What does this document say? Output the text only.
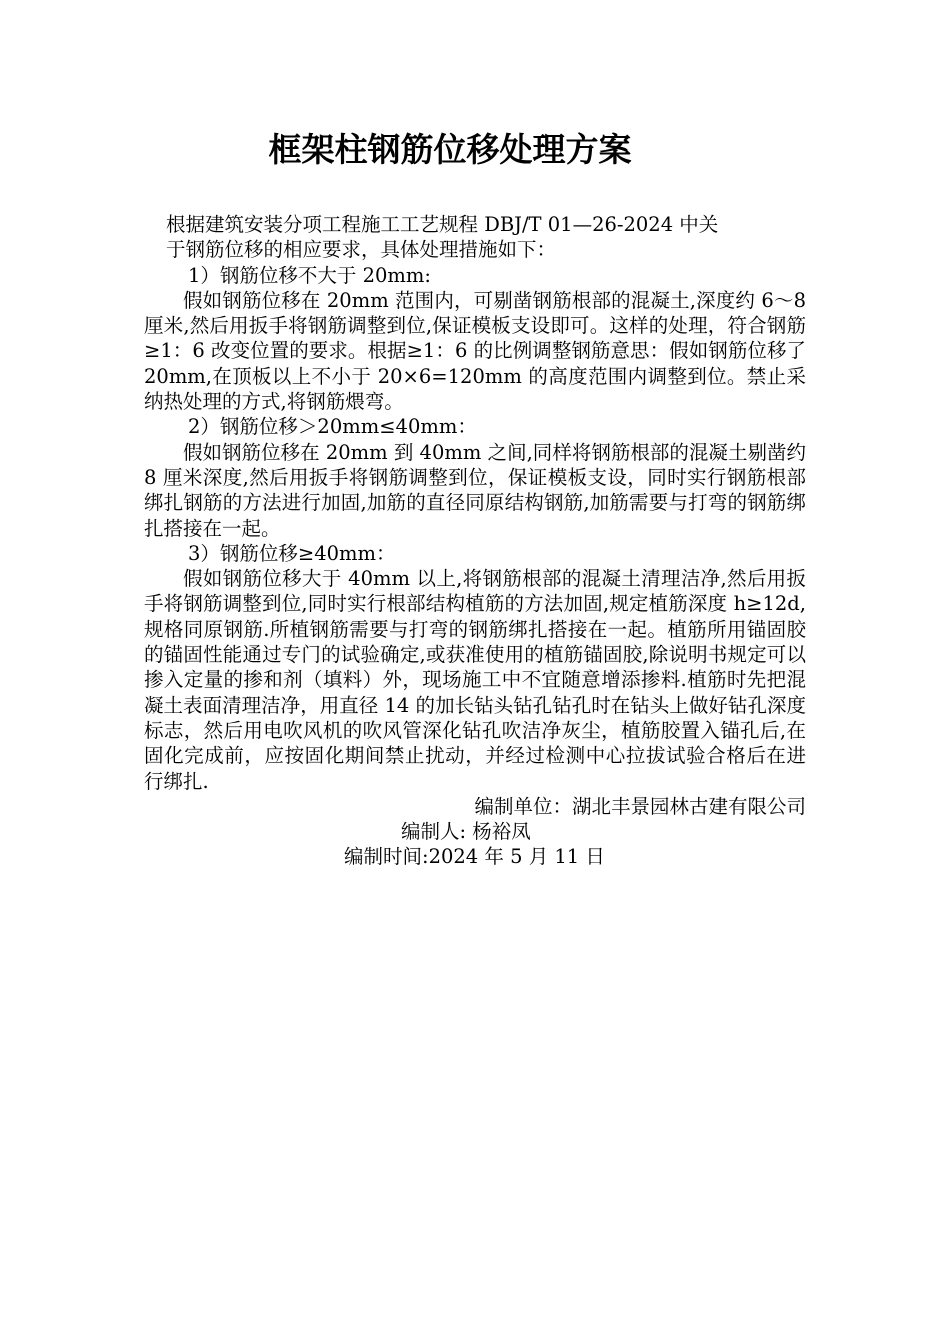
框架柱钢筋位移处理方案

根据建筑安装分项工程施工工艺规程 DBJ/T 01—26-2024 中关

于钢筋位移的相应要求，具体处理措施如下：

1）钢筋位移不大于 20mm:

假如钢筋位移在 20mm 范围内，可剔凿钢筋根部的混凝土,深度约 6～8 厘米,然后用扳手将钢筋调整到位,保证模板支设即可。这样的处理，符合钢筋≥1：6 改变位置的要求。根据≥1：6 的比例调整钢筋意思：假如钢筋位移了 20mm,在顶板以上不小于 20×6=120mm 的高度范围内调整到位。禁止采纳热处理的方式,将钢筋煨弯。

2）钢筋位移＞20mm≤40mm：

假如钢筋位移在 20mm 到 40mm 之间,同样将钢筋根部的混凝土剔凿约 8 厘米深度,然后用扳手将钢筋调整到位，保证模板支设，同时实行钢筋根部绑扎钢筋的方法进行加固,加筋的直径同原结构钢筋,加筋需要与打弯的钢筋绑扎搭接在一起。

3）钢筋位移≥40mm：

假如钢筋位移大于 40mm 以上,将钢筋根部的混凝土清理洁净,然后用扳手将钢筋调整到位,同时实行根部结构植筋的方法加固,规定植筋深度 h≥12d,规格同原钢筋.所植钢筋需要与打弯的钢筋绑扎搭接在一起。植筋所用锚固胶的锚固性能通过专门的试验确定,或获准使用的植筋锚固胶,除说明书规定可以掺入定量的掺和剂（填料）外，现场施工中不宜随意增添掺料.植筋时先把混凝土表面清理洁净，用直径 14 的加长钻头钻孔钻孔时在钻头上做好钻孔深度标志，然后用电吹风机的吹风管深化钻孔吹洁净灰尘，植筋胶置入锚孔后,在固化完成前，应按固化期间禁止扰动，并经过检测中心拉拔试验合格后在进行绑扎.

编制单位：湖北丰景园林古建有限公司

编制人: 杨裕凤

编制时间:2024 年 5 月 11 日
